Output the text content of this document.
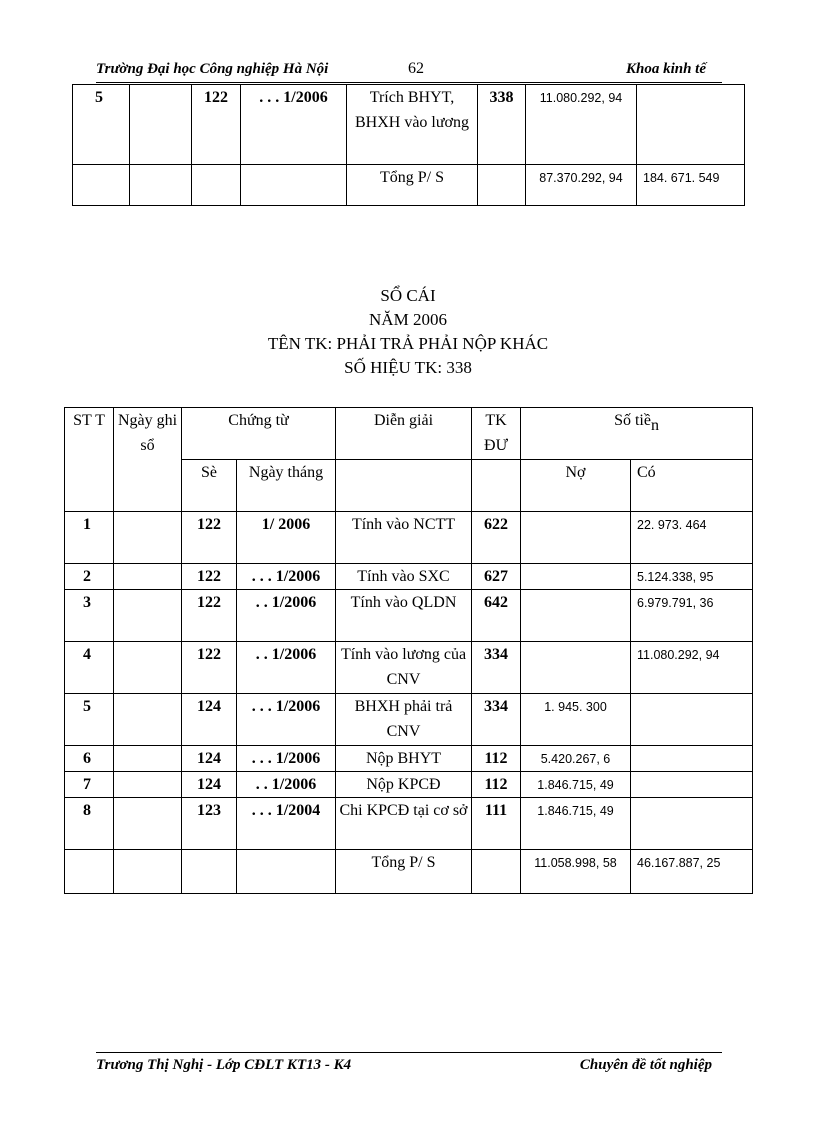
Trường Đại học Công nghiệp Hà Nội	62	Khoa kinh tế
5		122	. . . 1/2006	Trích BHYT, BHXH vào lương	338	11.080.292, 94	
				Tổng P/ S		87.370.292, 94	184. 671. 549
SỔ CÁI
NĂM 2006
TÊN TK: PHẢI TRẢ PHẢI NỘP KHÁC
SỐ HIỆU TK: 338
ST T	Ngày ghi sổ	Chứng từ		Diễn giải	TK ĐƯ	Số tiề$_n$
		Sè	Ngày tháng			Nợ	Có
1		122	1/ 2006	Tính vào NCTT	622		22. 973. 464
2		122	. . . 1/2006	Tính vào SXC	627		5.124.338, 95
3		122	. . 1/2006	Tính vào QLDN	642		6.979.791, 36
4		122	. . 1/2006	Tính vào lương của CNV	334		11.080.292, 94
5		124	. . . 1/2006	BHXH phải trả CNV	334	1. 945. 300	
6		124	. . . 1/2006	Nộp BHYT	112	5.420.267, 6	
7		124	. . 1/2006	Nộp KPCĐ	112	1.846.715, 49	
8		123	. . . 1/2004	Chi KPCĐ tại cơ sở	111	1.846.715, 49	
				Tổng P/ S		11.058.998, 58	46.167.887, 25
Trương Thị Nghị - Lớp CĐLT KT13 - K4	Chuyên đề tốt nghiệp
